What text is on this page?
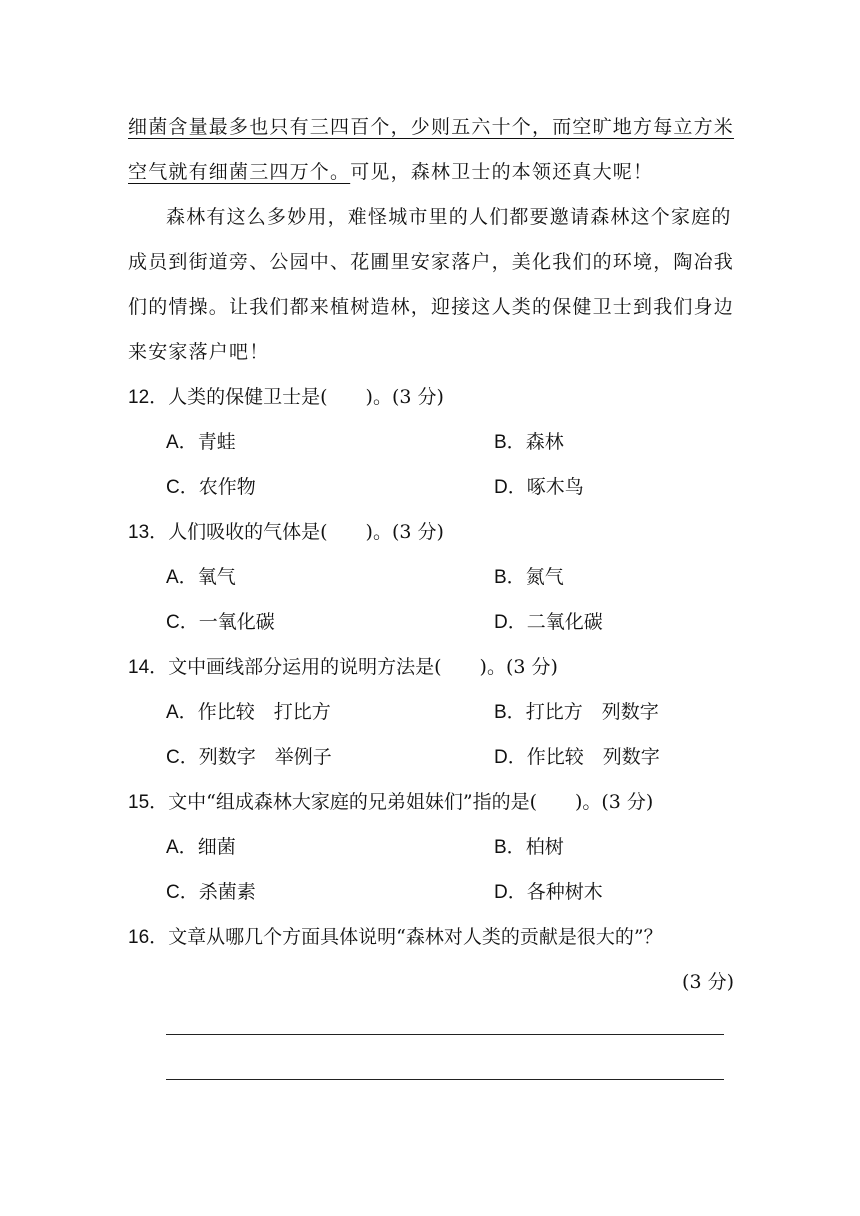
细菌含量最多也只有三四百个，少则五六十个，而空旷地方每立方米
空气就有细菌三四万个。可见，森林卫士的本领还真大呢！
森林有这么多妙用，难怪城市里的人们都要邀请森林这个家庭的
成员到街道旁、公园中、花圃里安家落户，美化我们的环境，陶冶我
们的情操。让我们都来植树造林，迎接这人类的保健卫士到我们身边
来安家落户吧！
12．人类的保健卫士是(　　)。(3 分)
A．青蛙	B．森林
C．农作物	D．啄木鸟
13．人们吸收的气体是(　　)。(3 分)
A．氧气	B．氮气
C．一氧化碳	D．二氧化碳
14．文中画线部分运用的说明方法是(　　)。(3 分)
A．作比较　打比方	B．打比方　列数字
C．列数字　举例子	D．作比较　列数字
15．文中“组成森林大家庭的兄弟姐妹们”指的是(　　)。(3 分)
A．细菌	B．柏树
C．杀菌素	D．各种树木
16．文章从哪几个方面具体说明“森林对人类的贡献是很大的”？
(3 分)
